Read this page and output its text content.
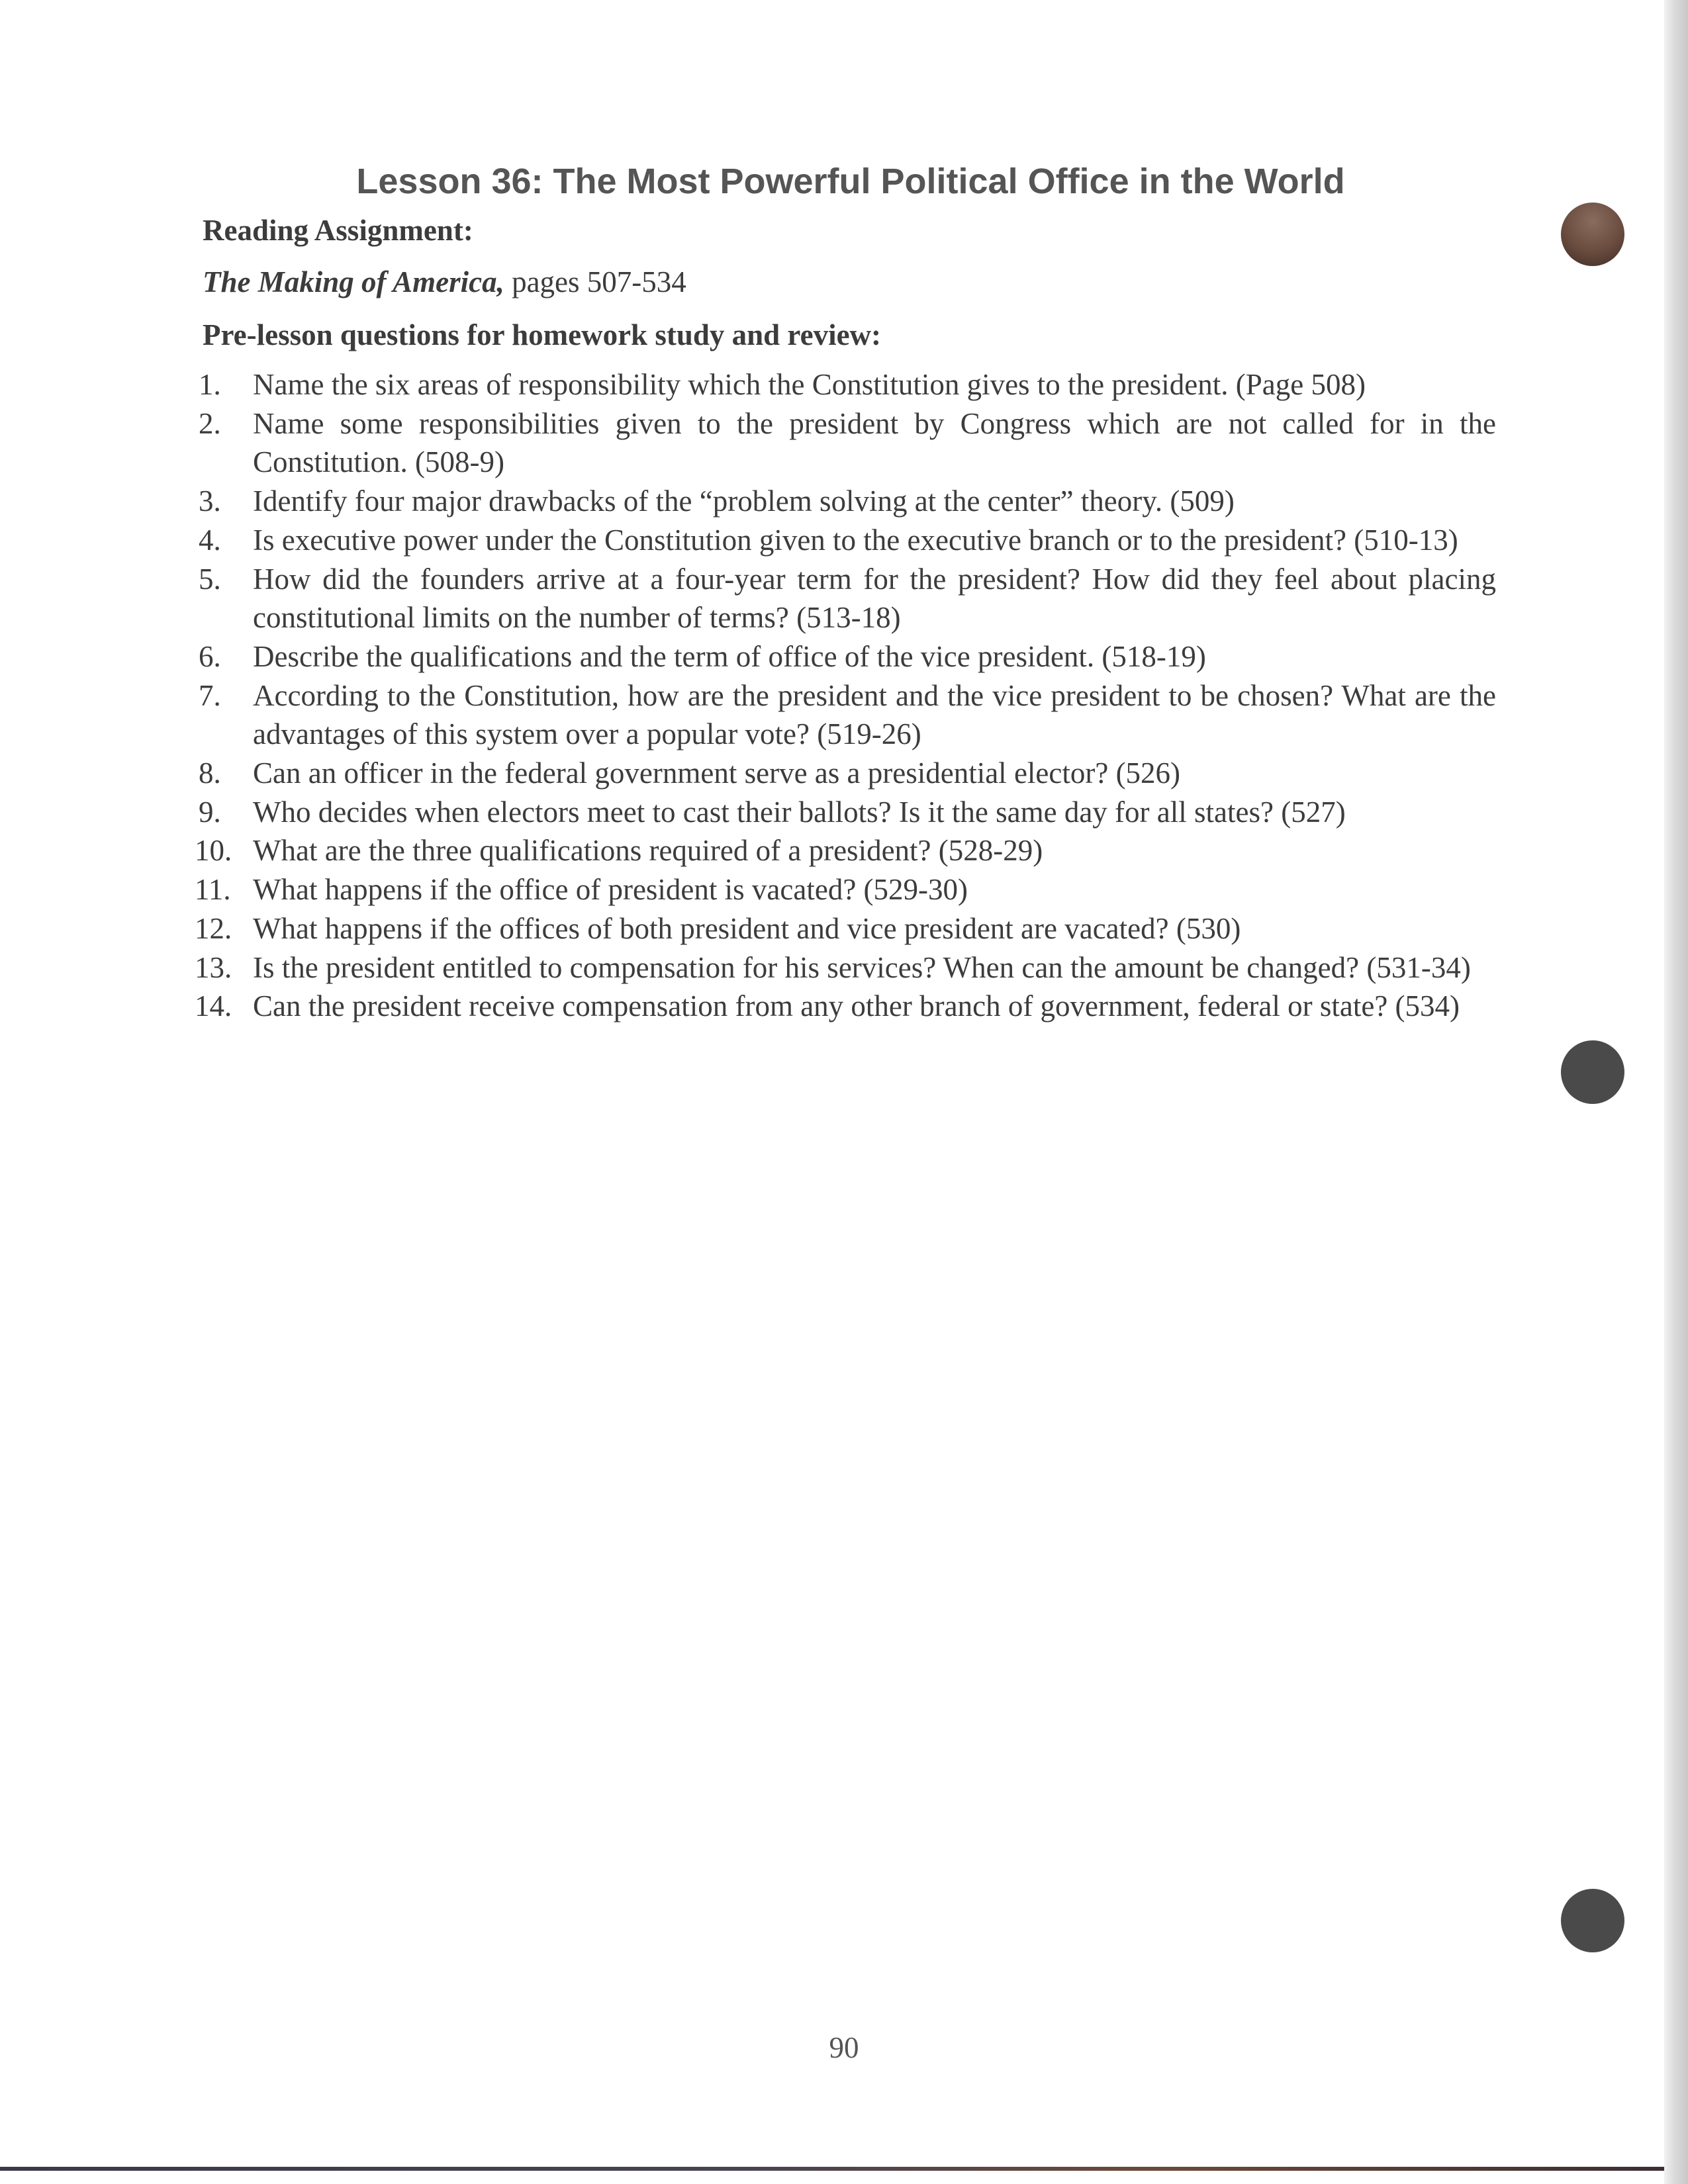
Lesson 36: The Most Powerful Political Office in the World

Reading Assignment:

The Making of America, pages 507-534

Pre-lesson questions for homework study and review:

1.	Name the six areas of responsibility which the Constitution gives to the president. (Page 508)
2.	Name some responsibilities given to the president by Congress which are not called for in the Constitution. (508-9)
3.	Identify four major drawbacks of the “problem solving at the center” theory. (509)
4.	Is executive power under the Constitution given to the executive branch or to the president? (510-13)
5.	How did the founders arrive at a four-year term for the president? How did they feel about placing constitutional limits on the number of terms? (513-18)
6.	Describe the qualifications and the term of office of the vice president. (518-19)
7.	According to the Constitution, how are the president and the vice president to be chosen? What are the advantages of this system over a popular vote? (519-26)
8.	Can an officer in the federal government serve as a presidential elector? (526)
9.	Who decides when electors meet to cast their ballots? Is it the same day for all states? (527)
10. What are the three qualifications required of a president? (528-29)
11. What happens if the office of president is vacated? (529-30)
12. What happens if the offices of both president and vice president are vacated? (530)
13. Is the president entitled to compensation for his services? When can the amount be changed? (531-34)
14. Can the president receive compensation from any other branch of government, federal or state? (534)
90
